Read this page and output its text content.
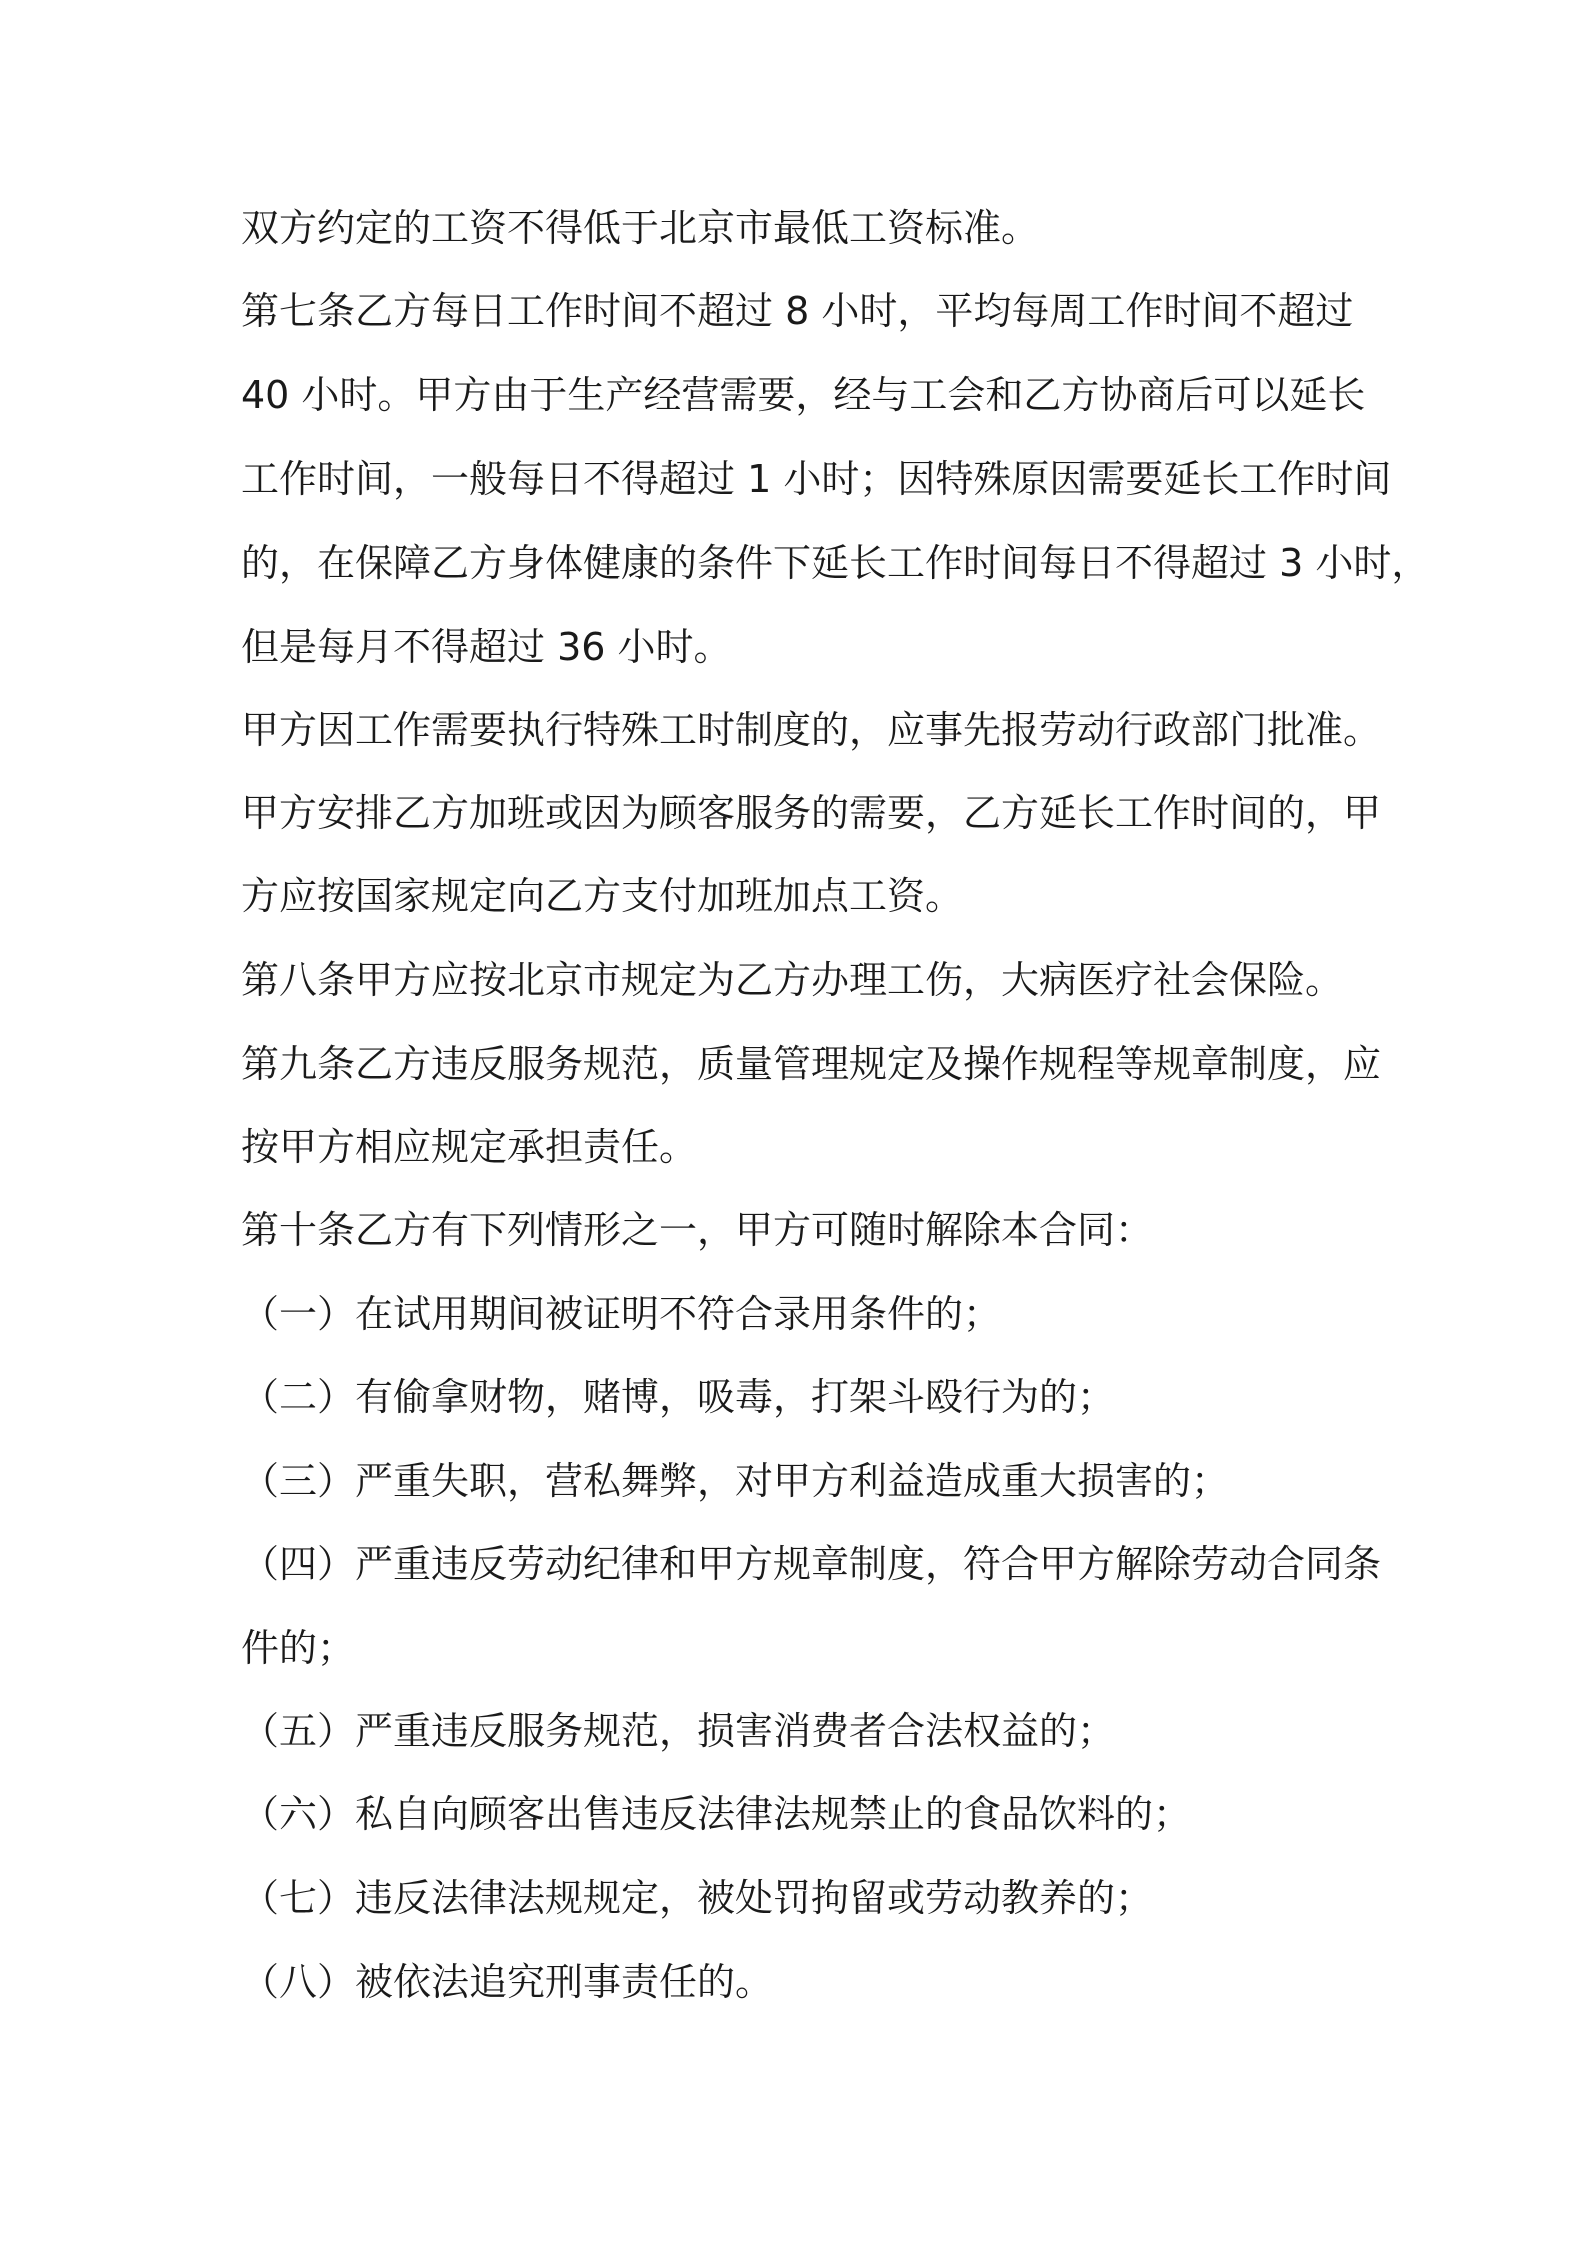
双方约定的工资不得低于北京市最低工资标准。

第七条乙方每日工作时间不超过 8 小时，平均每周工作时间不超过

40 小时。甲方由于生产经营需要，经与工会和乙方协商后可以延长

工作时间，一般每日不得超过 1 小时；因特殊原因需要延长工作时间

的，在保障乙方身体健康的条件下延长工作时间每日不得超过 3 小时，

但是每月不得超过 36 小时。

甲方因工作需要执行特殊工时制度的，应事先报劳动行政部门批准。

甲方安排乙方加班或因为顾客服务的需要，乙方延长工作时间的，甲

方应按国家规定向乙方支付加班加点工资。

第八条甲方应按北京市规定为乙方办理工伤，大病医疗社会保险。

第九条乙方违反服务规范，质量管理规定及操作规程等规章制度，应

按甲方相应规定承担责任。

第十条乙方有下列情形之一，甲方可随时解除本合同：

（一）在试用期间被证明不符合录用条件的；

（二）有偷拿财物，赌博，吸毒，打架斗殴行为的；

（三）严重失职，营私舞弊，对甲方利益造成重大损害的；

（四）严重违反劳动纪律和甲方规章制度，符合甲方解除劳动合同条

件的；

（五）严重违反服务规范，损害消费者合法权益的；

（六）私自向顾客出售违反法律法规禁止的食品饮料的；

（七）违反法律法规规定，被处罚拘留或劳动教养的；

（八）被依法追究刑事责任的。
